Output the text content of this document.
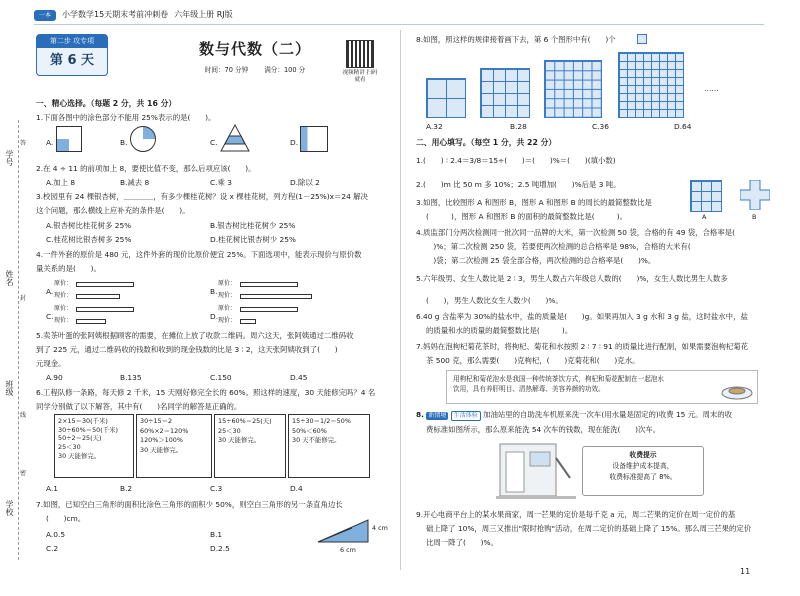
一本	小学数学15天期末考前冲刺卷 六年级上册 RJ版
学号
姓名
班级
学校
答
封
线
密
第二步 攻专项
第 6 天
数与代数（二）
时间：70 分钟 满分：100 分	视频精讲 扫码就看
一、精心选择。（每题 2 分，共 16 分）
1.下面各图中的涂色部分不能用 25%表示的是(　　)。
A.	B.	C.	D.
2.在 4 ÷ 11 的前项加上 8，要使比值不变，那么后项应该(　　)。
A.加上 8	B.减去 8	C.乘 3	D.除以 2
3.校园里有 24 棵银杏树，＿＿＿＿，有多少棵桂花树？设 x 棵桂花树，列方程(1－25%)x＝24 解决
这个问题，那么横线上应补充的条件是(　　)。
A.银杏树比桂花树多 25%	B.银杏树比桂花树少 25%
C.桂花树比银杏树多 25%	D.桂花树比银杏树少 25%
4.一件外套的原价是 480 元，这件外套的现价比原价便宜 25%。下面选项中，能表示现价与原价数
量关系的是(　　)。
A.
原价：
现价：	B.
原价：
现价：
C.
原价：
现价：	D.
原价：
现价：
5.卖茶叶蛋的张阿姨根据顾客的需要，在摊位上放了收款二维码。周六这天，张阿姨通过二维码收
到了 225 元，通过二维码收的钱数和收到的现金钱数的比是 3 ∶ 2，这天张阿姨收到了(　　)
元现金。
A.90	B.135	C.150	D.45
6.工程队修一条路，每天修 2 千米，15 天刚好修完全长的 60%。照这样的速度，30 天能修完吗？4 名
同学分别做了以下解答，其中有(　　)名同学的解答是正确的。
2×15＝30(千米)
30÷60%＝50(千米)
50÷2＝25(天)
25＜30
30 天能修完。
30÷15＝2
60%×2＝120%
120%＞100%
30 天能修完。
15÷60%＝25(天)
25＜30
30 天能修完。
15÷30＝1/2＝50%
50%＜60%
30 天不能修完。
A.1	B.2	C.3	D.4
7.如图，已知空白三角形的面积比涂色三角形的面积少 50%，则空白三角形的另一条直角边长
(　　)cm。
A.0.5	B.1
C.2	D.2.5
4 cm
6 cm
8.如图，照这样的规律接着画下去，第 6 个图形中有(　　)个
……
A.32	B.28	C.36	D.64
二、用心填写。（每空 1 分，共 22 分）
1.(　　) ∶ 2.4＝3/8＝15÷(　　)＝(　　)%＝(　　)(填小数)
2.(　　)m 比 50 m 多 10%；2.5 吨增加(　　)%后是 3 吨。
3.如图，比较图形 A 和图形 B，图形 A 和图形 B 的周长的最简整数比是
(　　　)，图形 A 和图形 B 的面积的最简整数比是(　　　)。	A	B
4.质监部门分两次检测同一批次同一品牌的大米，第一次检测 50 袋，合格的有 49 袋，合格率是(　　
　)%；第二次检测 250 袋，若要使两次检测的总合格率是 98%，合格的大米有(　　
　)袋；第二次检测 25 袋全部合格，两次检测的总合格率是(　　)%。
5.六年级男、女生人数比是 2 ∶ 3，男生人数占六年级总人数的(　　)%，女生人数比男生人数多
(　　)，男生人数比女生人数少(　　)%。
6.40 g 含盐率为 30%的盐水中，盐的质量是(　　)g。如果再加入 3 g 水和 3 g 盐，这时盐水中，盐
的质量和水的质量的最简整数比是(　　　)。
7.妈妈在泡枸杞菊花茶时，将枸杞、菊花和水按照 2 ∶ 7 ∶ 91 的质量比进行配制，如果需要泡枸杞菊花
茶 500 克，那么需要(　　)克枸杞，(　　)克菊花和(　　)克水。
用枸杞和菊花泡水是我国一种传统茶饮方式，枸杞和菊花配制在一起泡水
饮用，具有养肝明目、清热解毒、美容养颜的功效。
8. 新情境 生活体验 加油站里的自助洗车机原来洗一次车(用水量是固定的)收费 15 元。周末的收
费标准如图所示，那么原来能洗 54 次车的钱数，现在能洗(　　)次车。
收费提示
设备维护成本提高，
收费标准提高了 8%。
9.开心电商平台上的某水果商家，周一芒果的定价是每千克 a 元，周二芒果的定价在周一定价的基
础上降了 10%，周三又推出"限时抢购"活动，在周二定价的基础上降了 15%。那么周三芒果的定价
比周一降了(　　)%。
11
